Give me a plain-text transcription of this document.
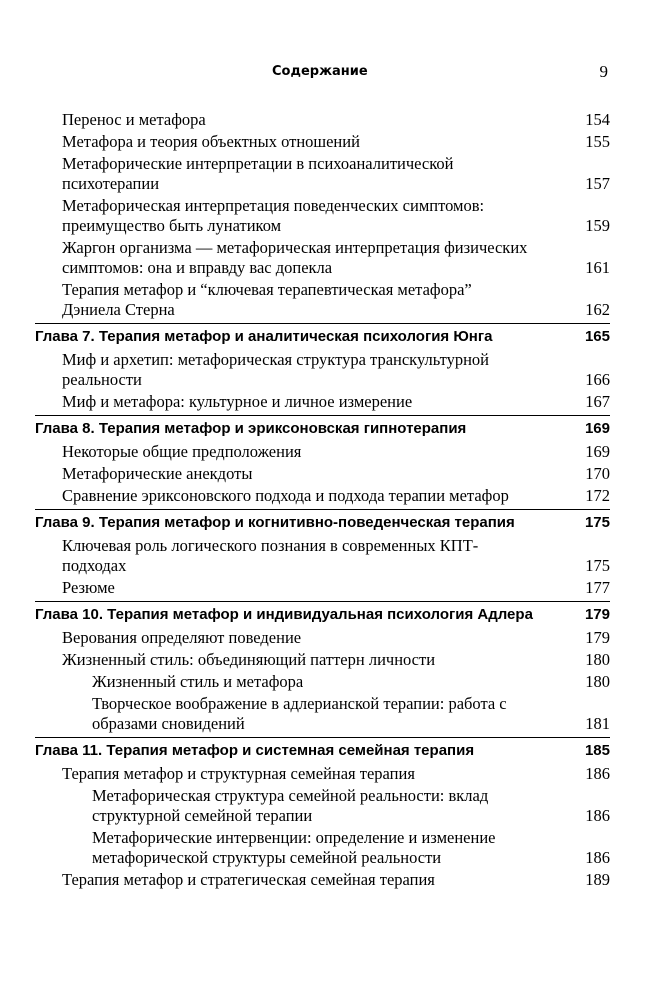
Содержание	9
Перенос и метафора	154
Метафора и теория объектных отношений	155
Метафорические интерпретации в психоаналитической психотерапии	157
Метафорическая интерпретация поведенческих симптомов: преимущество быть лунатиком	159
Жаргон организма — метафорическая интерпретация физических симптомов: она и вправду вас допекла	161
Терапия метафор и “ключевая терапевтическая метафора” Дэниела Стерна	162
Глава 7. Терапия метафор и аналитическая психология Юнга	165
Миф и архетип: метафорическая структура транскультурной реальности	166
Миф и метафора: культурное и личное измерение	167
Глава 8. Терапия метафор и эриксоновская гипнотерапия	169
Некоторые общие предположения	169
Метафорические анекдоты	170
Сравнение эриксоновского подхода и подхода терапии метафор	172
Глава 9. Терапия метафор и когнитивно-поведенческая терапия	175
Ключевая роль логического познания в современных КПТ-подходах	175
Резюме	177
Глава 10. Терапия метафор и индивидуальная психология Адлера	179
Верования определяют поведение	179
Жизненный стиль: объединяющий паттерн личности	180
Жизненный стиль и метафора	180
Творческое воображение в адлерианской терапии: работа с образами сновидений	181
Глава 11. Терапия метафор и системная семейная терапия	185
Терапия метафор и структурная семейная терапия	186
Метафорическая структура семейной реальности: вклад структурной семейной терапии	186
Метафорические интервенции: определение и изменение метафорической структуры семейной реальности	186
Терапия метафор и стратегическая семейная терапия	189
